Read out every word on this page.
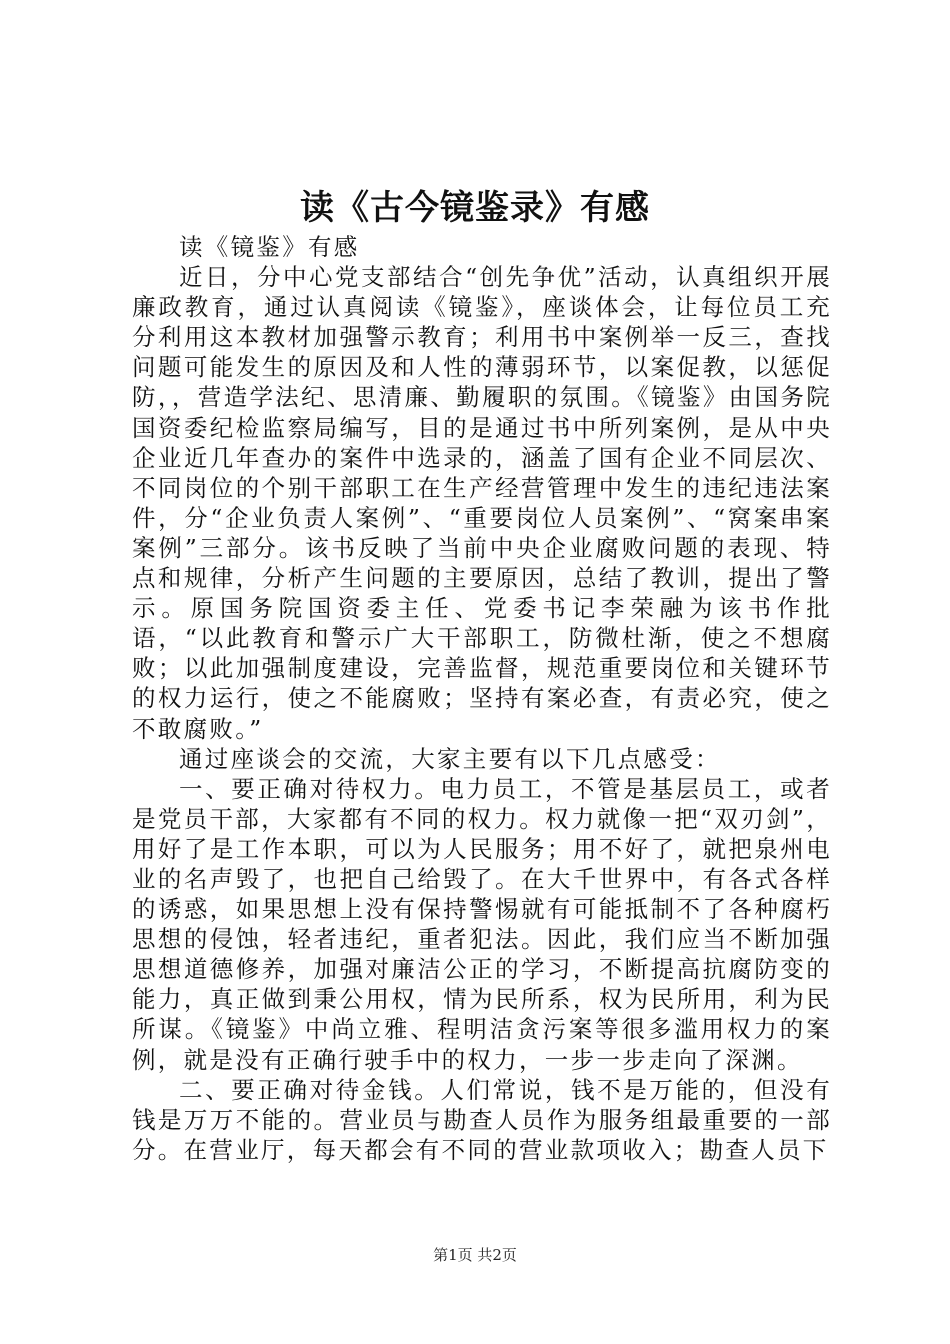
读《古今镜鉴录》有感

读《镜鉴》有感

近日，分中心党支部结合“创先争优”活动，认真组织开展廉政教育，通过认真阅读《镜鉴》，座谈体会，让每位员工充分利用这本教材加强警示教育；利用书中案例举一反三，查找问题可能发生的原因及和人性的薄弱环节，以案促教，以惩促防，，营造学法纪、思清廉、勤履职的氛围。《镜鉴》由国务院国资委纪检监察局编写，目的是通过书中所列案例，是从中央企业近几年查办的案件中选录的，涵盖了国有企业不同层次、不同岗位的个别干部职工在生产经营管理中发生的违纪违法案件，分“企业负责人案例”、“重要岗位人员案例”、“窝案串案案例”三部分。该书反映了当前中央企业腐败问题的表现、特点和规律，分析产生问题的主要原因，总结了教训，提出了警示。原国务院国资委主任、党委书记李荣融为该书作批语，“以此教育和警示广大干部职工，防微杜渐，使之不想腐败；以此加强制度建设，完善监督，规范重要岗位和关键环节的权力运行，使之不能腐败；坚持有案必查，有责必究，使之不敢腐败。”

通过座谈会的交流，大家主要有以下几点感受：

一、要正确对待权力。电力员工，不管是基层员工，或者是党员干部，大家都有不同的权力。权力就像一把“双刃剑”，用好了是工作本职，可以为人民服务；用不好了，就把泉州电业的名声毁了，也把自己给毁了。在大千世界中，有各式各样的诱惑，如果思想上没有保持警惕就有可能抵制不了各种腐朽思想的侵蚀，轻者违纪，重者犯法。因此，我们应当不断加强思想道德修养，加强对廉洁公正的学习，不断提高抗腐防变的能力，真正做到秉公用权，情为民所系，权为民所用，利为民所谋。《镜鉴》中尚立雅、程明洁贪污案等很多滥用权力的案例，就是没有正确行驶手中的权力，一步一步走向了深渊。

二、要正确对待金钱。人们常说，钱不是万能的，但没有钱是万万不能的。营业员与勘查人员作为服务组最重要的一部分。在营业厅，每天都会有不同的营业款项收入；勘查人员下

第1页 共2页
